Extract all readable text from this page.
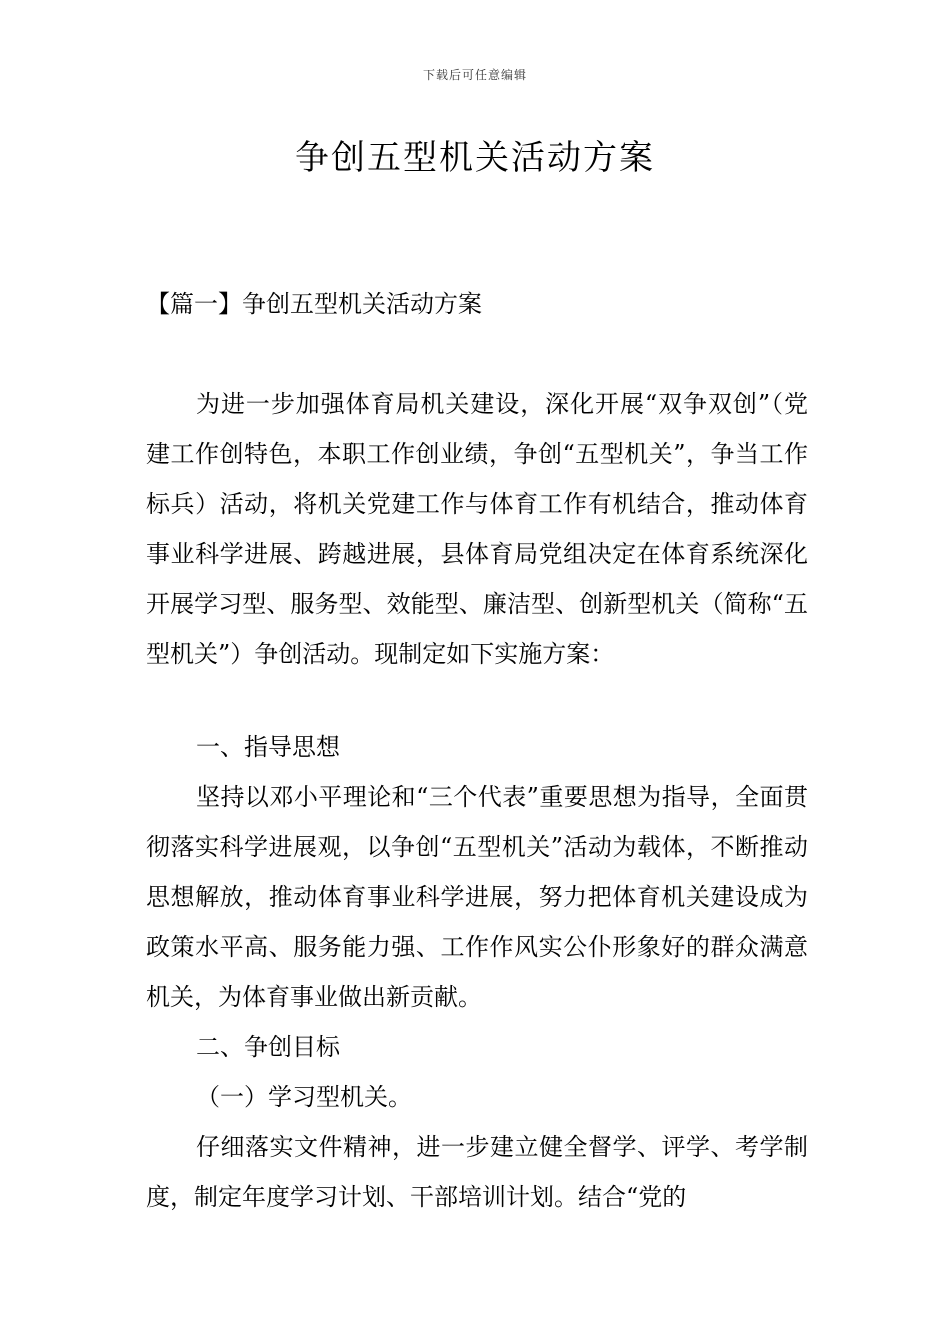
下载后可任意编辑
争创五型机关活动方案
【篇一】争创五型机关活动方案

为进一步加强体育局机关建设，深化开展“双争双创”（党建工作创特色，本职工作创业绩，争创“五型机关”，争当工作标兵）活动，将机关党建工作与体育工作有机结合，推动体育事业科学进展、跨越进展，县体育局党组决定在体育系统深化开展学习型、服务型、效能型、廉洁型、创新型机关（简称“五型机关”）争创活动。现制定如下实施方案：

一、指导思想

坚持以邓小平理论和“三个代表”重要思想为指导，全面贯彻落实科学进展观，以争创“五型机关”活动为载体，不断推动思想解放，推动体育事业科学进展，努力把体育机关建设成为政策水平高、服务能力强、工作作风实公仆形象好的群众满意机关，为体育事业做出新贡献。

二、争创目标

（一）学习型机关。

仔细落实文件精神，进一步建立健全督学、评学、考学制度，制定年度学习计划、干部培训计划。结合“党的
